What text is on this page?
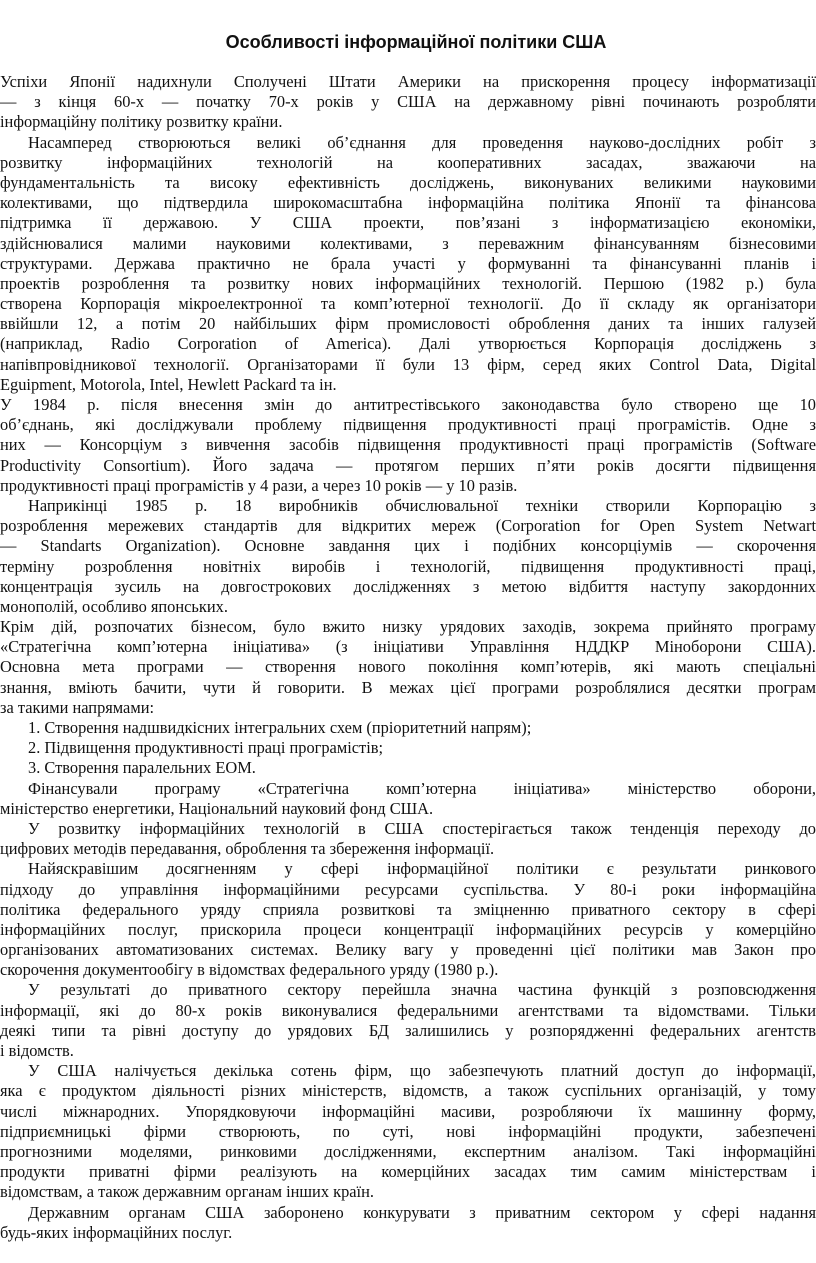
Особливості інформаційної політики США

Успіхи Японії надихнули Сполучені Штати Америки на прискорення процесу інформатизації

— з кінця 60-х — початку 70-х років у США на державному рівні починають розробляти

інформаційну політику розвитку країни.

Насамперед створюються великі об’єднання для проведення науково-дослідних робіт з

розвитку інформаційних технологій на кооперативних засадах, зважаючи на

фундаментальність та високу ефективність досліджень, виконуваних великими науковими

колективами, що підтвердила широкомасштабна інформаційна політика Японії та фінансова

підтримка її державою. У США проекти, пов’язані з інформатизацією економіки,

здійснювалися малими науковими колективами, з переважним фінансуванням бізнесовими

структурами. Держава практично не брала участі у формуванні та фінансуванні планів і

проектів розроблення та розвитку нових інформаційних технологій. Першою (1982 р.) була

створена Корпорація мікроелектронної та комп’ютерної технології. До її складу як організатори

ввійшли 12, а потім 20 найбільших фірм промисловості оброблення даних та інших галузей

(наприклад, Radio Corporation of America). Далі утворюється Корпорація досліджень з

напівпровідникової технології. Організаторами її були 13 фірм, серед яких Control Data, Digital

Eguipment, Motorola, Intel, Hewlett Packard та ін.

У 1984 р. після внесення змін до антитрестівського законодавства було створено ще 10

об’єднань, які досліджували проблему підвищення продуктивності праці програмістів. Одне з

них — Консорціум з вивчення засобів підвищення продуктивності праці програмістів (Software

Productivity Consortium). Його задача — протягом перших п’яти років досягти підвищення

продуктивності праці програмістів у 4 рази, а через 10 років — у 10 разів.

Наприкінці 1985 р. 18 виробників обчислювальної техніки створили Корпорацію з

розроблення мережевих стандартів для відкритих мереж (Corporation for Open System Netwart

— Standarts Organization). Основне завдання цих і подібних консорціумів — скорочення

терміну розроблення новітніх виробів і технологій, підвищення продуктивності праці,

концентрація зусиль на довгострокових дослідженнях з метою відбиття наступу закордонних

монополій, особливо японських.

Крім дій, розпочатих бізнесом, було вжито низку урядових заходів, зокрема прийнято програму

«Стратегічна комп’ютерна ініціатива» (з ініціативи Управління НДДКР Міноборони США).

Основна мета програми — створення нового покоління комп’ютерів, які мають спеціальні

знання, вміють бачити, чути й говорити. В межах цієї програми розроблялися десятки програм

за такими напрямами:

1. Створення надшвидкісних інтегральних схем (пріоритетний напрям);

2. Підвищення продуктивності праці програмістів;

3. Створення паралельних ЕОМ.

Фінансували програму «Стратегічна комп’ютерна ініціатива» міністерство оборони,

міністерство енергетики, Національний науковий фонд США.

У розвитку інформаційних технологій в США спостерігається також тенденція переходу до

цифрових методів передавання, оброблення та збереження інформації.

Найяскравішим досягненням у сфері інформаційної політики є результати ринкового

підходу до управління інформаційними ресурсами суспільства. У 80-і роки інформаційна

політика федерального уряду сприяла розвиткові та зміцненню приватного сектору в сфері

інформаційних послуг, прискорила процеси концентрації інформаційних ресурсів у комерційно

організованих автоматизованих системах. Велику вагу у проведенні цієї політики мав Закон про

скорочення документообігу в відомствах федерального уряду (1980 р.).

У результаті до приватного сектору перейшла значна частина функцій з розповсюдження

інформації, які до 80-х років виконувалися федеральними агентствами та відомствами. Тільки

деякі типи та рівні доступу до урядових БД залишились у розпорядженні федеральних агентств

і відомств.

У США налічується декілька сотень фірм, що забезпечують платний доступ до інформації,

яка є продуктом діяльності різних міністерств, відомств, а також суспільних організацій, у тому

числі міжнародних. Упорядковуючи інформаційні масиви, розробляючи їх машинну форму,

підприємницькі фірми створюють, по суті, нові інформаційні продукти, забезпечені

прогнозними моделями, ринковими дослідженнями, експертним аналізом. Такі інформаційні

продукти приватні фірми реалізують на комерційних засадах тим самим міністерствам і

відомствам, а також державним органам інших країн.

Державним органам США заборонено конкурувати з приватним сектором у сфері надання

будь-яких інформаційних послуг.
